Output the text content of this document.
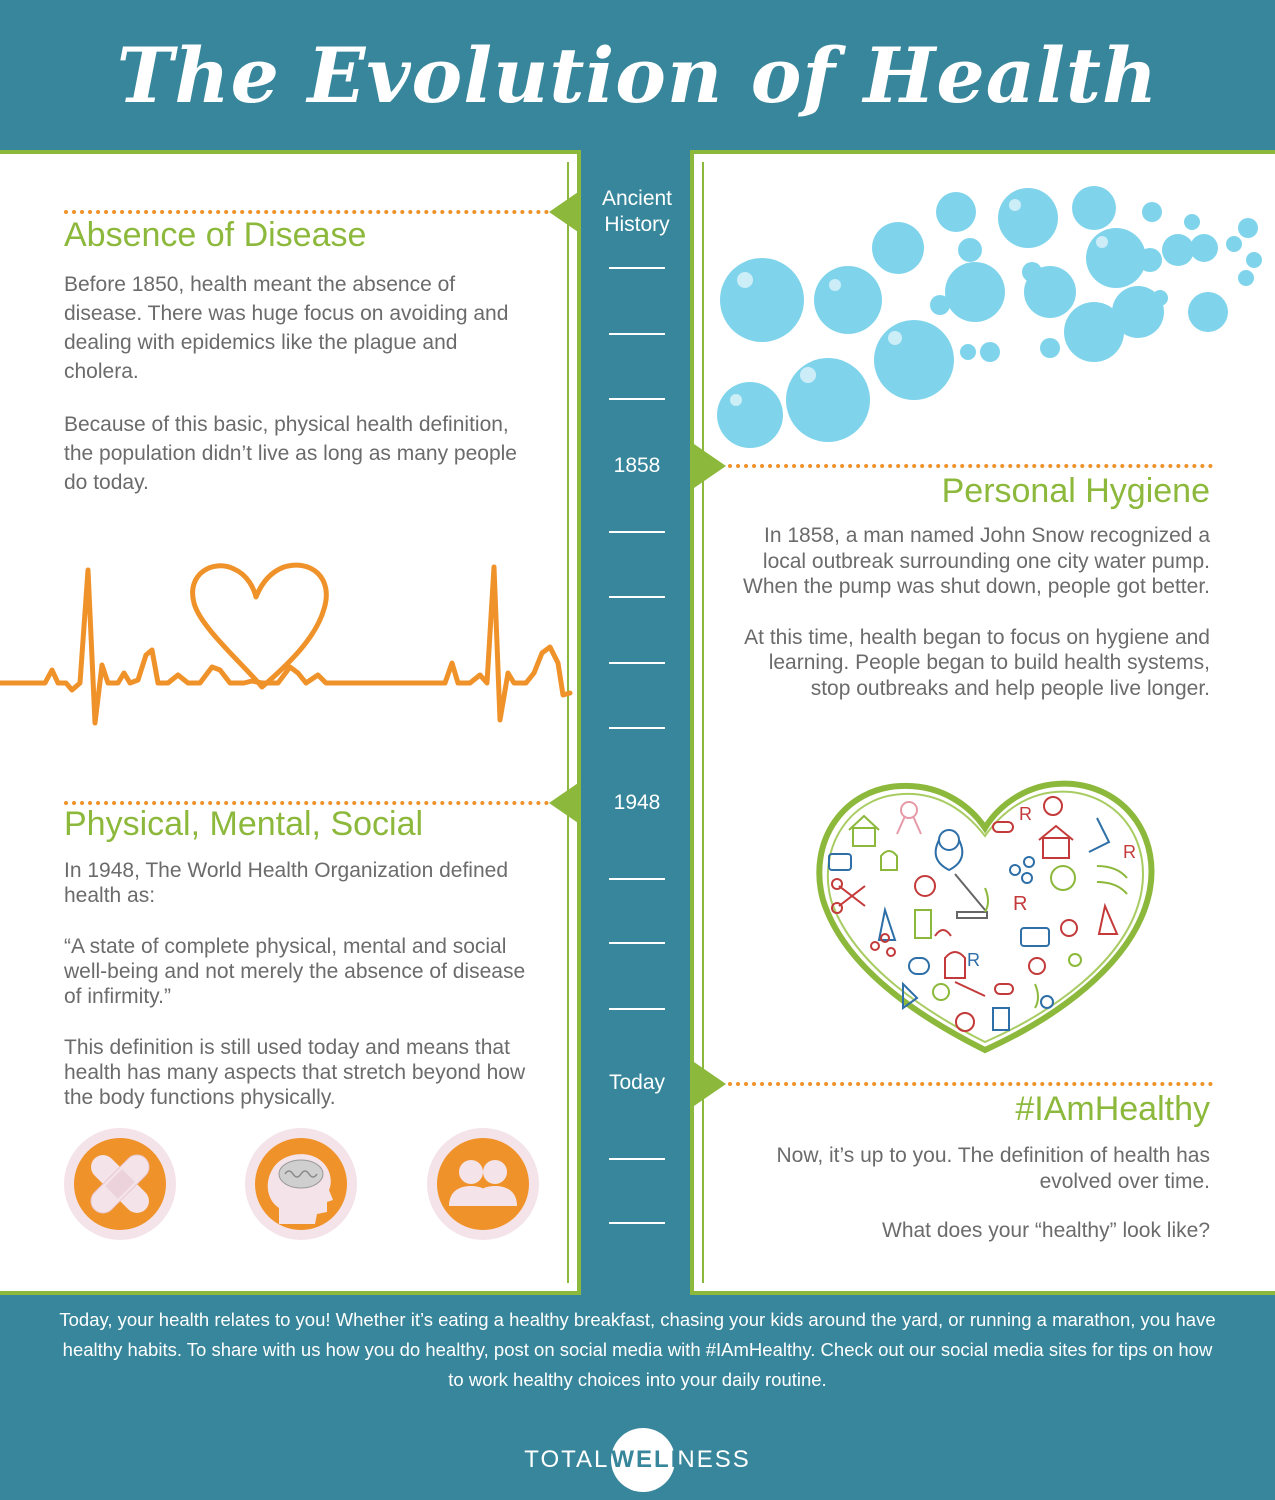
The Evolution of Health
Ancient
History
1858
1948
Today
Absence of Disease

Before 1850, health meant the absence of disease. There was huge focus on avoiding and dealing with epidemics like the plague and cholera.

Because of this basic, physical health definition, the population didn’t live as long as many people do today.

Physical, Mental, Social

In 1948, The World Health Organization defined health as:

“A state of complete physical, mental and social well-being and not merely the absence of disease of infirmity.”

This definition is still used today and means that health has many aspects that stretch beyond how the body functions physically.

Personal Hygiene

In 1858, a man named John Snow recognized a local outbreak surrounding one city water pump. When the pump was shut down, people got better.

At this time, health began to focus on hygiene and learning. People began to build health systems, stop outbreaks and help people live longer.

R
R
R
R
#IAmHealthy

Now, it’s up to you. The definition of health has evolved over time.

What does your “healthy” look like?

Today, your health relates to you! Whether it’s eating a healthy breakfast, chasing your kids around the yard, or running a marathon, you have healthy habits. To share with us how you do healthy, post on social media with #IAmHealthy. Check out our social media sites for tips on how to work healthy choices into your daily routine.
TOTAL WELL
NESS
